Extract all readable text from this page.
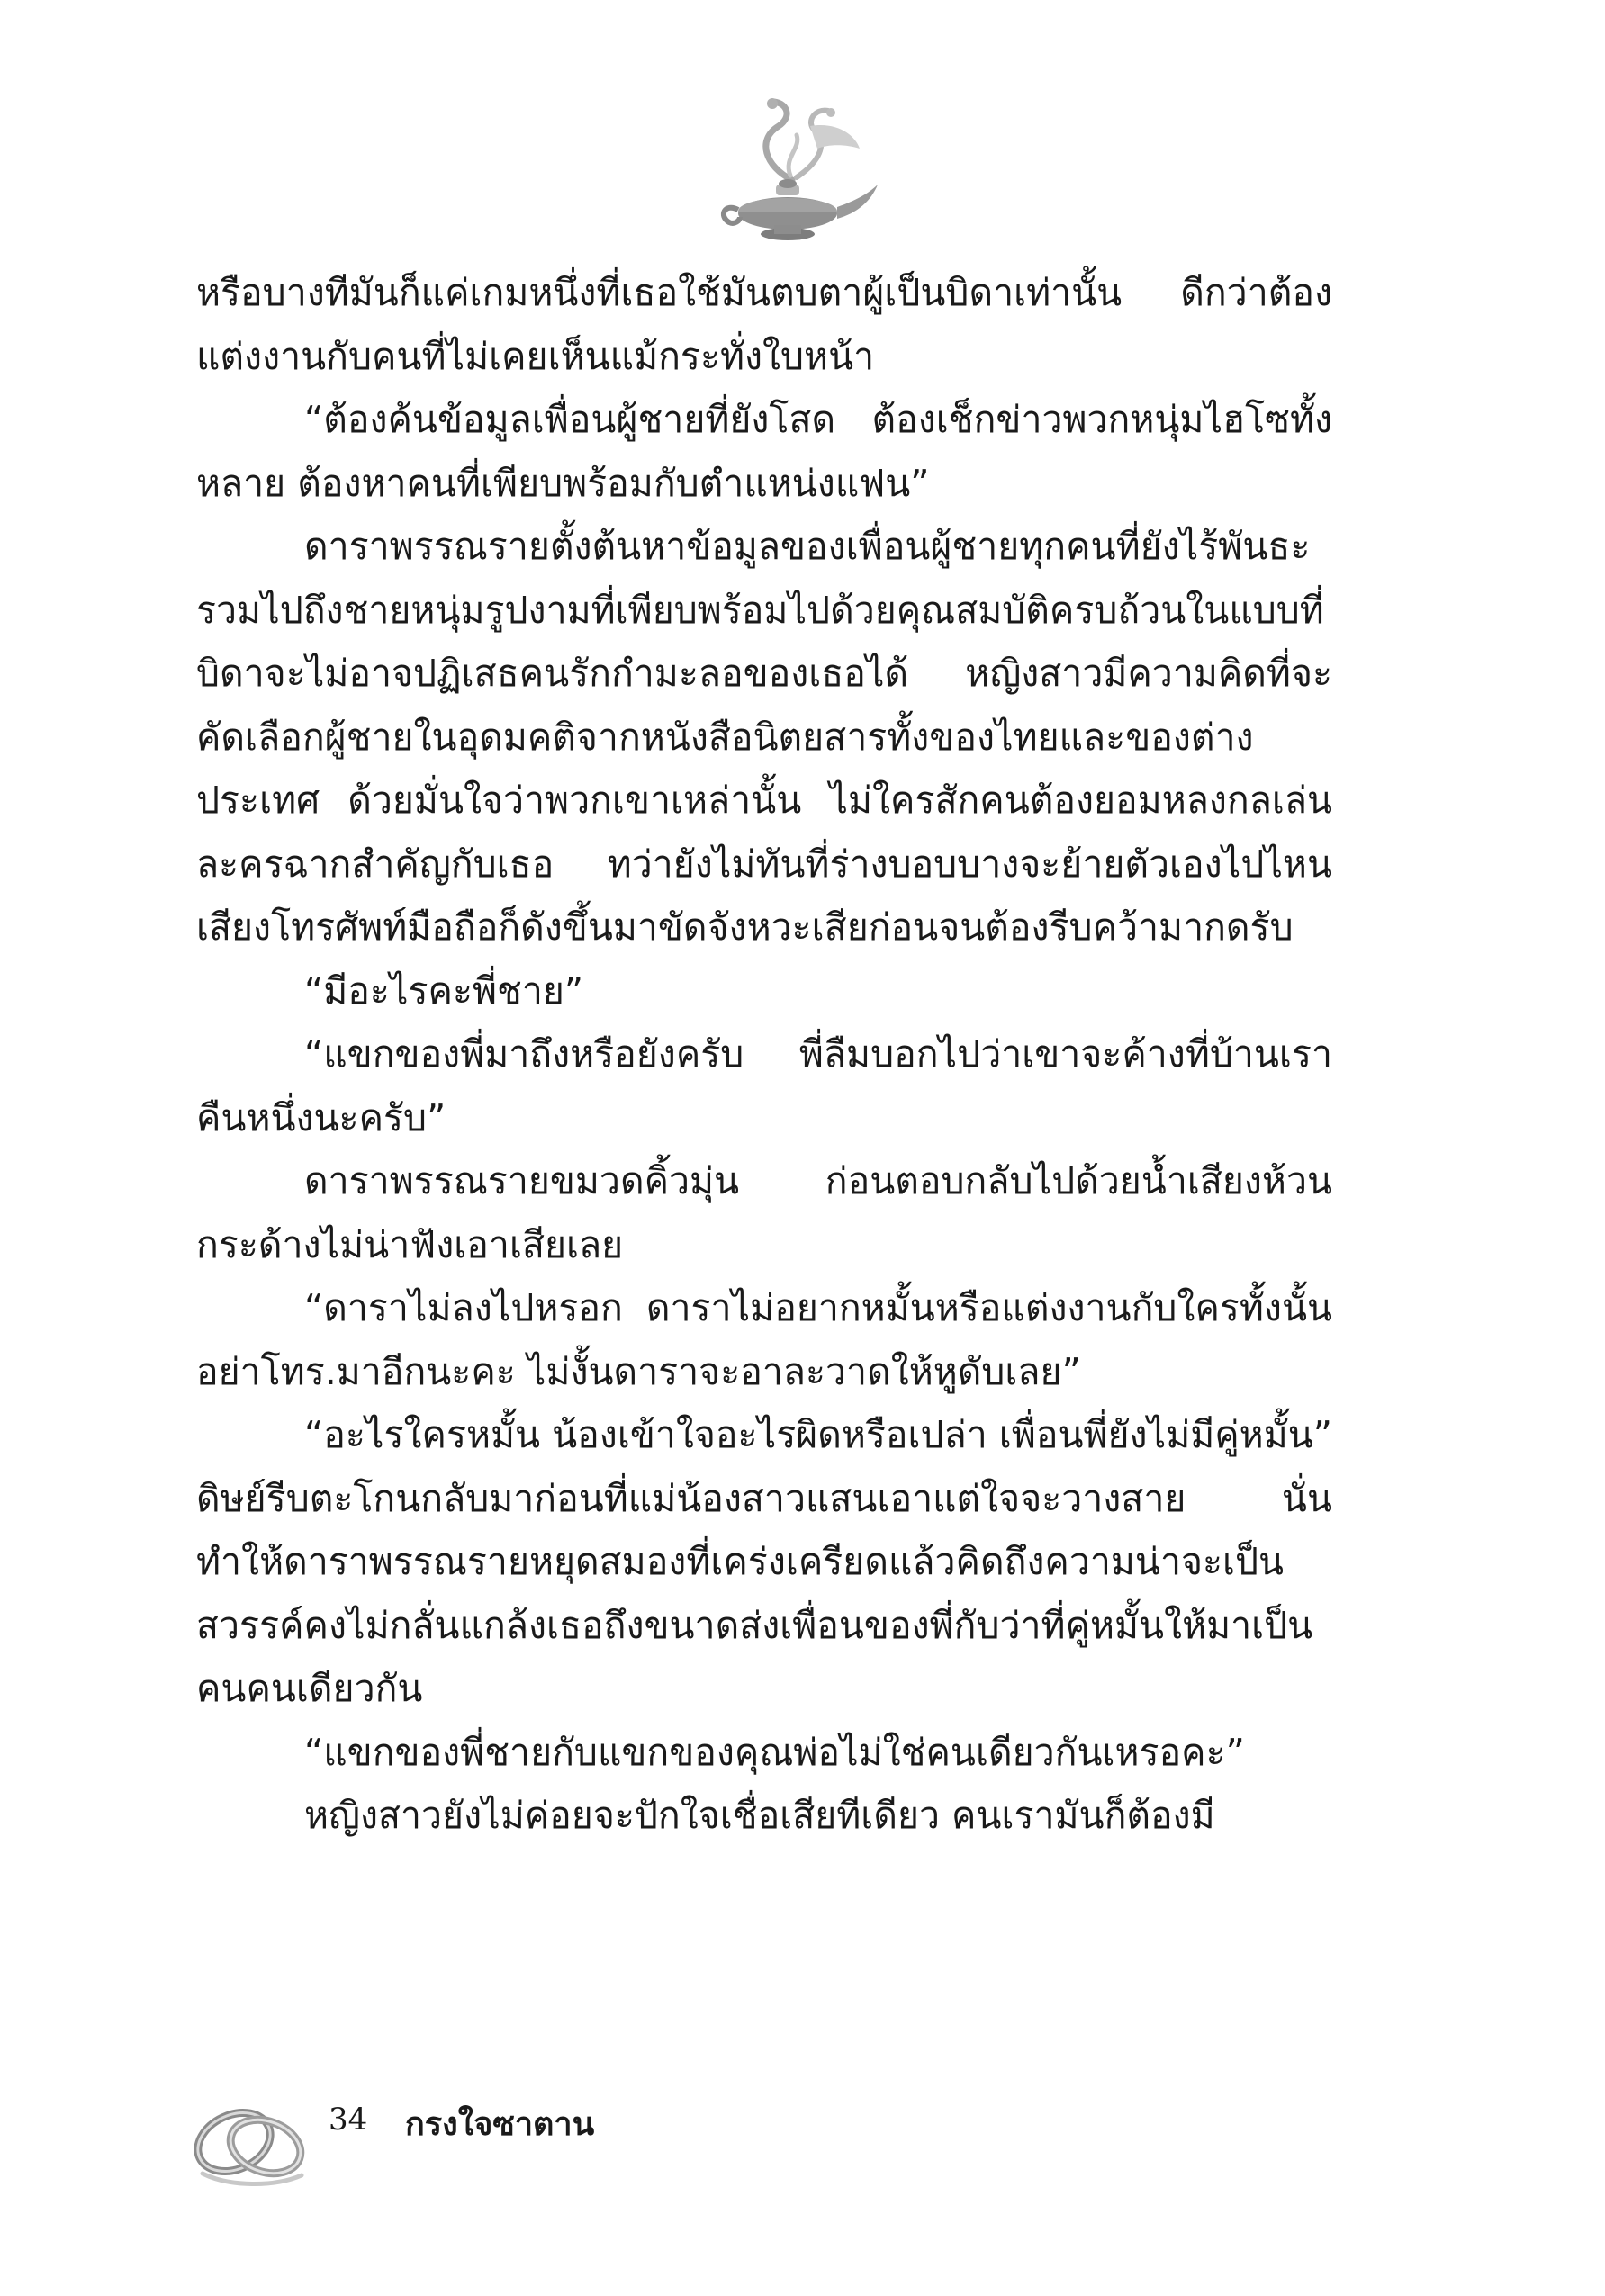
หรือบางทีมันก็แค่เกมหนึ่งที่เธอใช้มันตบตาผู้เป็นบิดาเท่านั้น ดีกว่าต้องแต่งงานกับคนที่ไม่เคยเห็นแม้กระทั่งใบหน้า

“ต้องค้นข้อมูลเพื่อนผู้ชายที่ยังโสด ต้องเช็กข่าวพวกหนุ่มไฮโซทั้งหลาย ต้องหาคนที่เพียบพร้อมกับตำแหน่งแฟน”

ดาราพรรณรายตั้งต้นหาข้อมูลของเพื่อนผู้ชายทุกคนที่ยังไร้พันธะรวมไปถึงชายหนุ่มรูปงามที่เพียบพร้อมไปด้วยคุณสมบัติครบถ้วนในแบบที่บิดาจะไม่อาจปฏิเสธคนรักกำมะลอของเธอได้ หญิงสาวมีความคิดที่จะคัดเลือกผู้ชายในอุดมคติจากหนังสือนิตยสารทั้งของไทยและของต่างประเทศ ด้วยมั่นใจว่าพวกเขาเหล่านั้น ไม่ใครสักคนต้องยอมหลงกลเล่นละครฉากสำคัญกับเธอ ทว่ายังไม่ทันที่ร่างบอบบางจะย้ายตัวเองไปไหน เสียงโทรศัพท์มือถือก็ดังขึ้นมาขัดจังหวะเสียก่อนจนต้องรีบคว้ามากดรับ

“มีอะไรคะพี่ชาย”

“แขกของพี่มาถึงหรือยังครับ พี่ลืมบอกไปว่าเขาจะค้างที่บ้านเราคืนหนึ่งนะครับ”

ดาราพรรณรายขมวดคิ้วมุ่น ก่อนตอบกลับไปด้วยน้ำเสียงห้วนกระด้างไม่น่าฟังเอาเสียเลย

“ดาราไม่ลงไปหรอก ดาราไม่อยากหมั้นหรือแต่งงานกับใครทั้งนั้นอย่าโทร.มาอีกนะคะ ไม่งั้นดาราจะอาละวาดให้หูดับเลย”

“อะไรใครหมั้น น้องเข้าใจอะไรผิดหรือเปล่า เพื่อนพี่ยังไม่มีคู่หมั้น” ดิษย์รีบตะโกนกลับมาก่อนที่แม่น้องสาวแสนเอาแต่ใจจะวางสาย นั่นทำให้ดาราพรรณรายหยุดสมองที่เคร่งเครียดแล้วคิดถึงความน่าจะเป็น สวรรค์คงไม่กลั่นแกล้งเธอถึงขนาดส่งเพื่อนของพี่กับว่าที่คู่หมั้นให้มาเป็นคนคนเดียวกัน

“แขกของพี่ชายกับแขกของคุณพ่อไม่ใช่คนเดียวกันเหรอคะ”

หญิงสาวยังไม่ค่อยจะปักใจเชื่อเสียทีเดียว คนเรามันก็ต้องมี

34 กรงใจซาตาน
